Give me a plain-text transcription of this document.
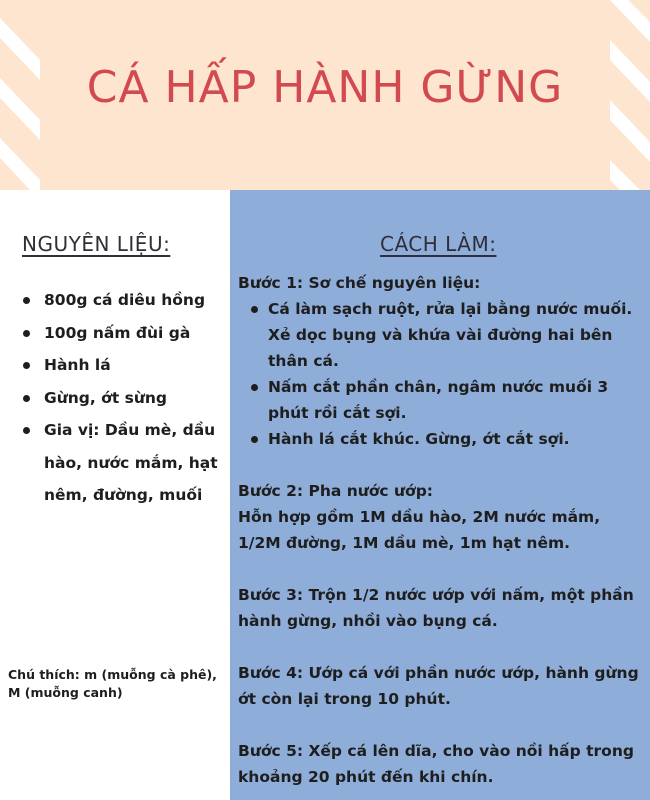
CÁ HẤP HÀNH GỪNG
NGUYÊN LIỆU:
800g cá diêu hồng
100g nấm đùi gà
Hành lá
Gừng, ớt sừng
Gia vị: Dầu mè, dầu hào, nước mắm, hạt nêm, đường, muối
Chú thích: m (muỗng cà phê), M (muỗng canh)
CÁCH LÀM:

Bước 1: Sơ chế nguyên liệu:

Cá làm sạch ruột, rửa lại bằng nước muối. Xẻ dọc bụng và khứa vài đường hai bên thân cá.
Nấm cắt phần chân, ngâm nước muối 3 phút rồi cắt sợi.
Hành lá cắt khúc. Gừng, ớt cắt sợi.

Bước 2: Pha nước ướp:

Hỗn hợp gồm 1M dầu hào, 2M nước mắm, 1/2M đường, 1M dầu mè, 1m hạt nêm.

Bước 3: Trộn 1/2 nước ướp với nấm, một phần hành gừng, nhồi vào bụng cá.

Bước 4: Ướp cá với phần nước ướp, hành gừng ớt còn lại trong 10 phút.

Bước 5: Xếp cá lên dĩa, cho vào nồi hấp trong khoảng 20 phút đến khi chín.
